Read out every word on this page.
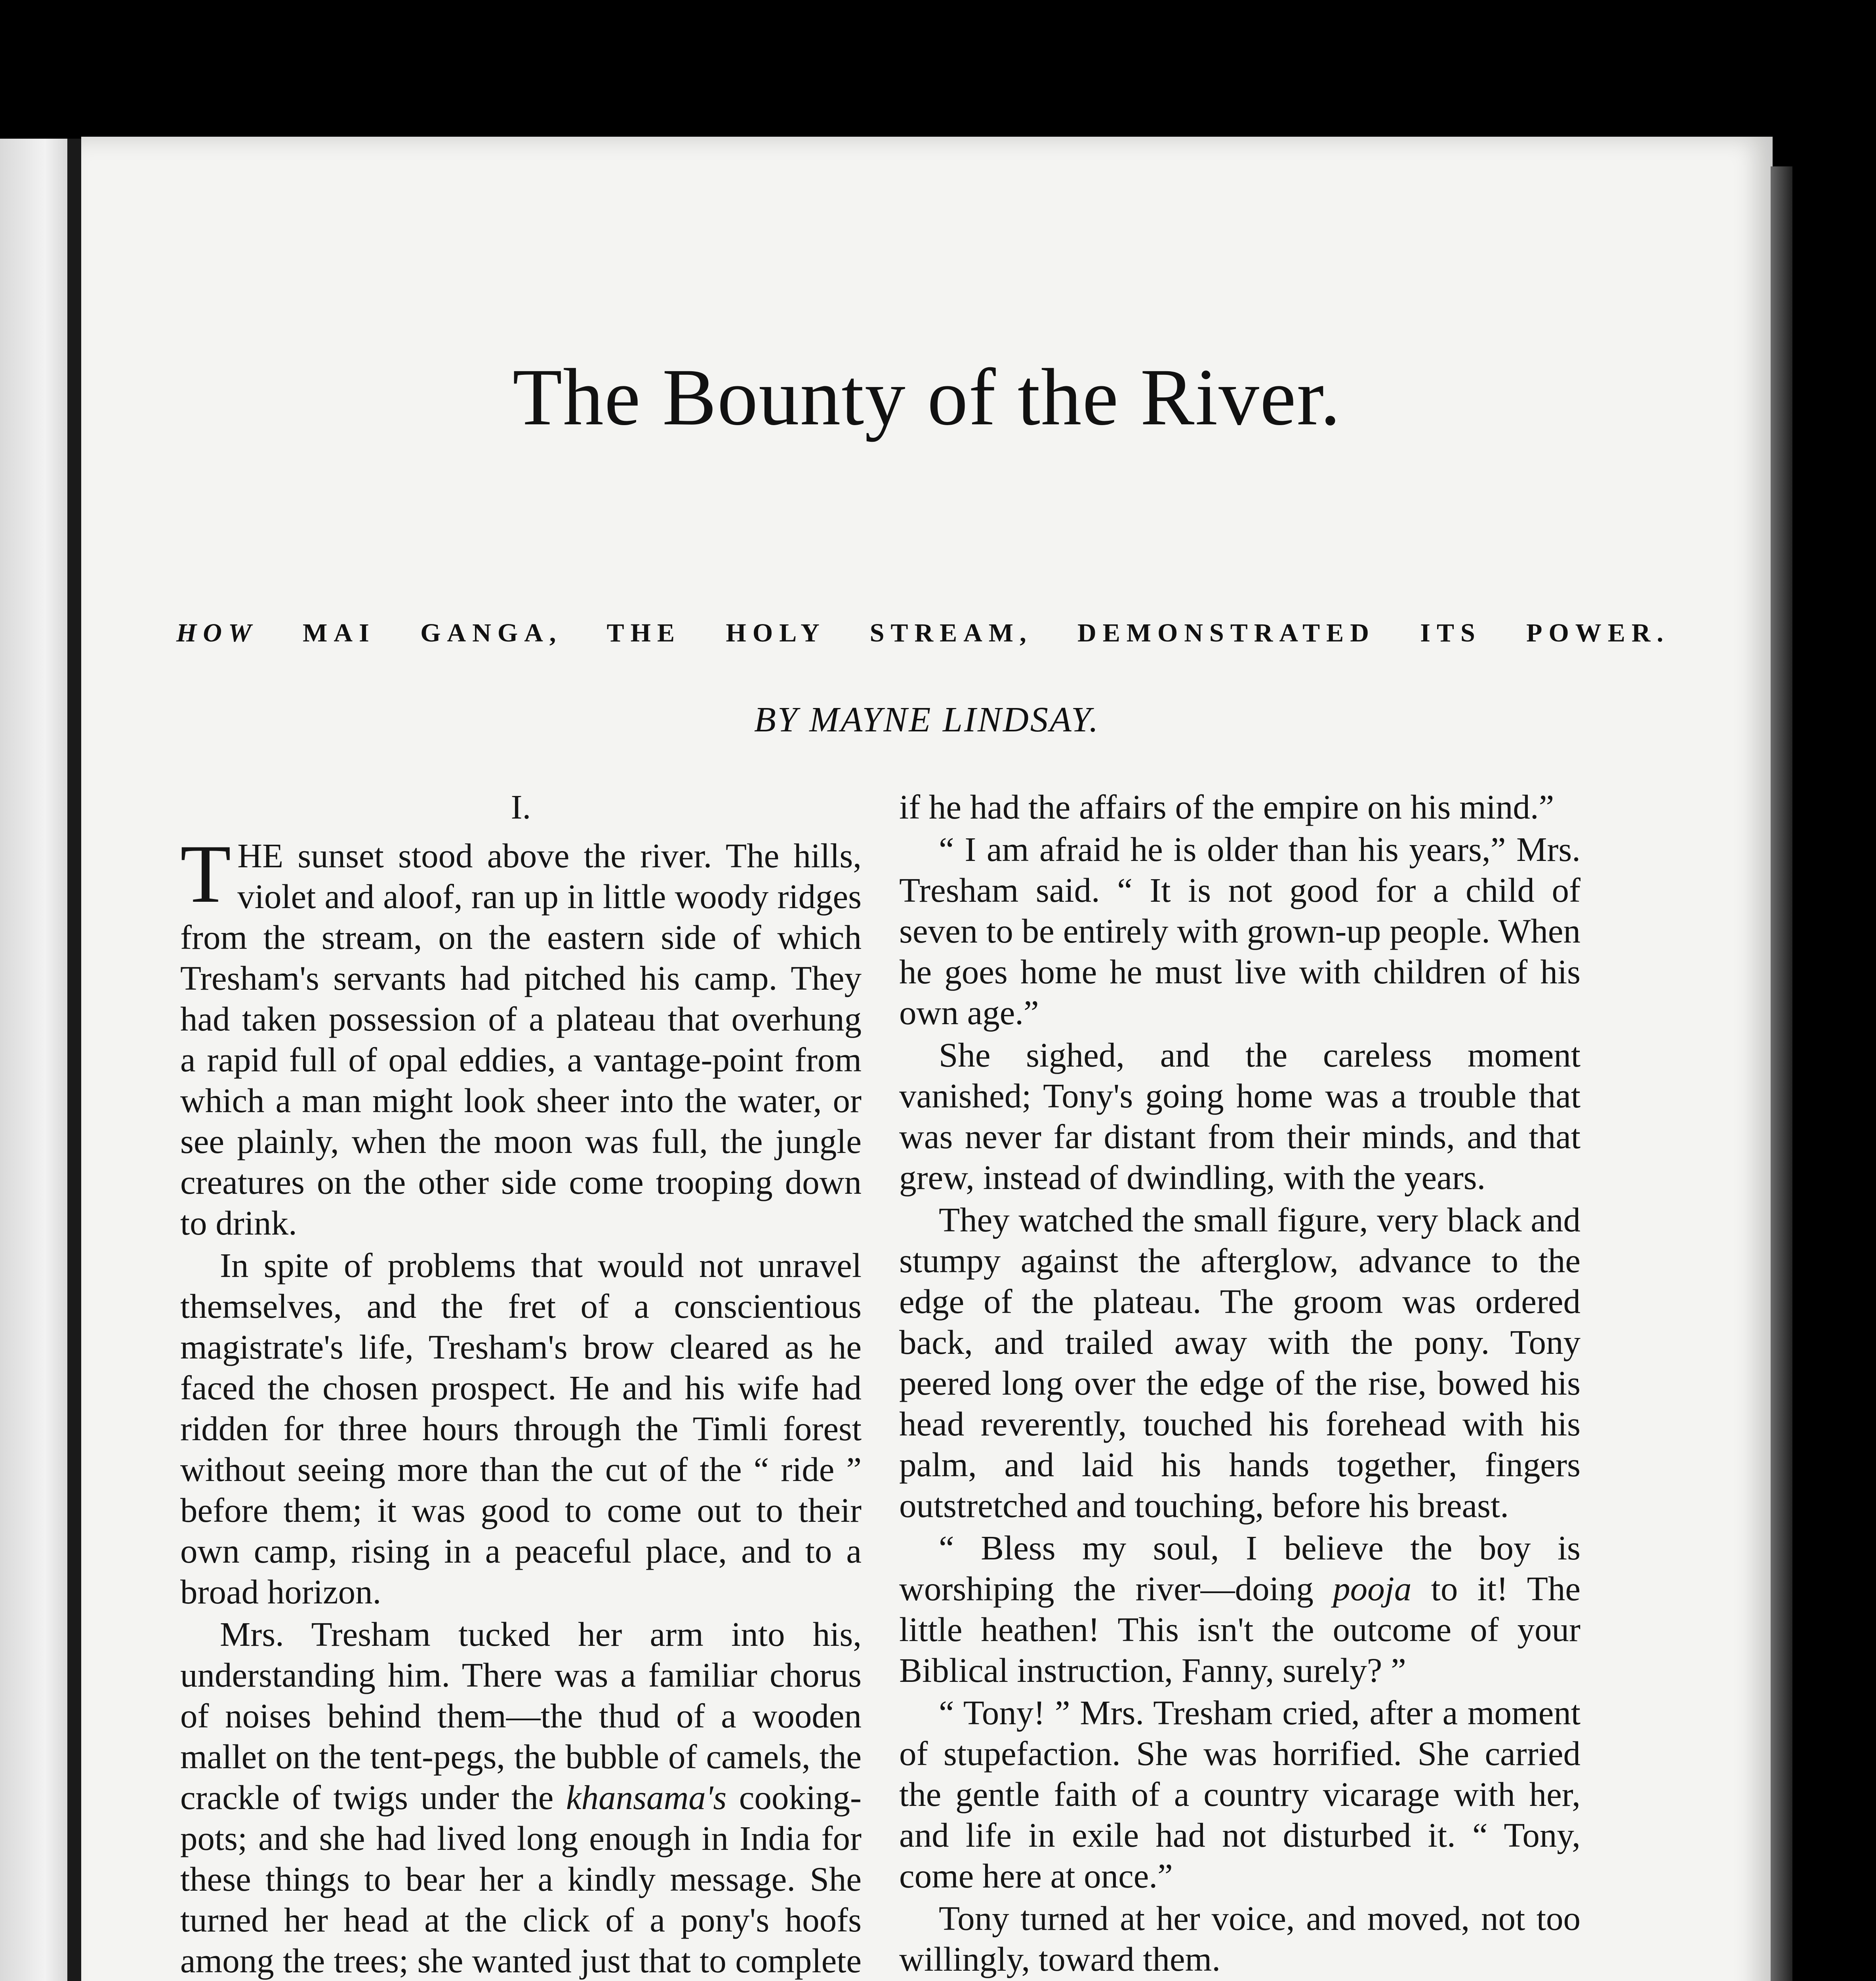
The Bounty of the River.
HOW MAI GANGA, THE HOLY STREAM, DEMONSTRATED ITS POWER.
BY MAYNE LINDSAY.

I.

THE sunset stood above the river. The hills, violet and aloof, ran up in little woody ridges from the stream, on the eastern side of which Tresham's servants had pitched his camp. They had taken possession of a plateau that overhung a rapid full of opal eddies, a vantage-point from which a man might look sheer into the water, or see plainly, when the moon was full, the jungle creatures on the other side come trooping down to drink.

In spite of problems that would not unravel themselves, and the fret of a conscientious magistrate's life, Tresham's brow cleared as he faced the chosen prospect. He and his wife had ridden for three hours through the Timli forest without seeing more than the cut of the “ ride ” before them; it was good to come out to their own camp, rising in a peaceful place, and to a broad horizon.

Mrs. Tresham tucked her arm into his, understanding him. There was a familiar chorus of noises behind them—the thud of a wooden mallet on the tent-pegs, the bubble of camels, the crackle of twigs under the khansama's cooking-pots; and she had lived long enough in India for these things to bear her a kindly message. She turned her head at the click of a pony's hoofs among the trees; she wanted just that to complete

if he had the affairs of the empire on his mind.”

“ I am afraid he is older than his years,” Mrs. Tresham said. “ It is not good for a child of seven to be entirely with grown-up people. When he goes home he must live with children of his own age.”

She sighed, and the careless moment vanished; Tony's going home was a trouble that was never far distant from their minds, and that grew, instead of dwindling, with the years.

They watched the small figure, very black and stumpy against the afterglow, advance to the edge of the plateau. The groom was ordered back, and trailed away with the pony. Tony peered long over the edge of the rise, bowed his head reverently, touched his forehead with his palm, and laid his hands together, fingers outstretched and touching, before his breast.

“ Bless my soul, I believe the boy is worshiping the river—doing pooja to it! The little heathen! This isn't the outcome of your Biblical instruction, Fanny, surely? ”

“ Tony! ” Mrs. Tresham cried, after a moment of stupefaction. She was horrified. She carried the gentle faith of a country vicarage with her, and life in exile had not disturbed it. “ Tony, come here at once.”

Tony turned at her voice, and moved, not too willingly, toward them.
